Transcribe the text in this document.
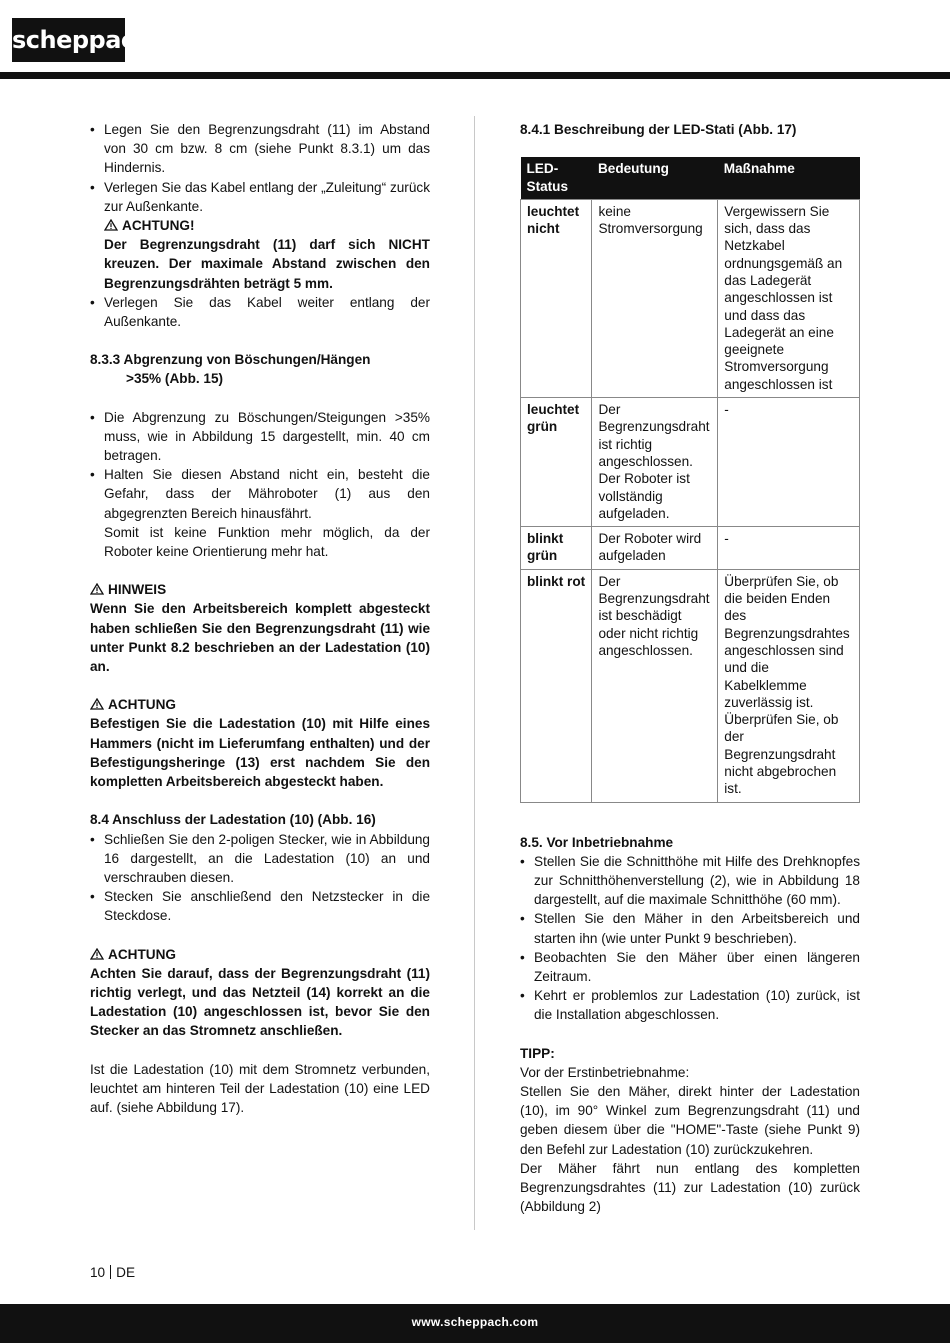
scheppach
• Legen Sie den Begrenzungsdraht (11) im Abstand von 30 cm bzw. 8 cm (siehe Punkt 8.3.1) um das Hindernis.
• Verlegen Sie das Kabel entlang der „Zuleitung“ zurück zur Außenkante.
ACHTUNG!

Der Begrenzungsdraht (11) darf sich NICHT kreuzen. Der maximale Abstand zwischen den Begrenzungsdrähten beträgt 5 mm.

• Verlegen Sie das Kabel weiter entlang der Außenkante.
8.3.3 Abgrenzung von Böschungen/Hängen
>35% (Abb. 15)
• Die Abgrenzung zu Böschungen/Steigungen >35% muss, wie in Abbildung 15 dargestellt, min. 40 cm betragen.
• Halten Sie diesen Abstand nicht ein, besteht die Gefahr, dass der Mähroboter (1) aus den abgegrenzten Bereich hinausfährt.

Somit ist keine Funktion mehr möglich, da der Roboter keine Orientierung mehr hat.

HINWEIS

Wenn Sie den Arbeitsbereich komplett abgesteckt haben schließen Sie den Begrenzungsdraht (11) wie unter Punkt 8.2 beschrieben an der Ladestation (10) an.

ACHTUNG

Befestigen Sie die Ladestation (10) mit Hilfe eines Hammers (nicht im Lieferumfang enthalten) und der Befestigungsheringe (13) erst nachdem Sie den kompletten Arbeitsbereich abgesteckt haben.

8.4 Anschluss der Ladestation (10) (Abb. 16)
• Schließen Sie den 2-poligen Stecker, wie in Abbildung 16 dargestellt, an die Ladestation (10) an und verschrauben diesen.
• Stecken Sie anschließend den Netzstecker in die Steckdose.
ACHTUNG

Achten Sie darauf, dass der Begrenzungsdraht (11) richtig verlegt, und das Netzteil (14) korrekt an die Ladestation (10) angeschlossen ist, bevor Sie den Stecker an das Stromnetz anschließen.

Ist die Ladestation (10) mit dem Stromnetz verbunden, leuchtet am hinteren Teil der Ladestation (10) eine LED auf. (siehe Abbildung 17).

8.4.1 Beschreibung der LED-Stati (Abb. 17)
LED-Status	Bedeutung	Maßnahme
leuchtet nicht	keine Stromversorgung	Vergewissern Sie sich, dass das Netzkabel ordnungsgemäß an das Ladegerät angeschlossen ist und dass das Ladegerät an eine geeignete Stromversorgung angeschlossen ist
leuchtet grün	Der Begrenzungsdraht ist richtig angeschlossen. Der Roboter ist vollständig aufgeladen.	-
blinkt grün	Der Roboter wird aufgeladen	-
blinkt rot	Der Begrenzungsdraht ist beschädigt oder nicht richtig angeschlossen.	Überprüfen Sie, ob die beiden Enden des Begrenzungsdrahtes angeschlossen sind und die Kabelklemme zuverlässig ist. Überprüfen Sie, ob der Begrenzungsdraht nicht abgebrochen ist.
8.5. Vor Inbetriebnahme
• Stellen Sie die Schnitthöhe mit Hilfe des Drehknopfes zur Schnitthöhenverstellung (2), wie in Abbildung 18 dargestellt, auf die maximale Schnitthöhe (60 mm).
• Stellen Sie den Mäher in den Arbeitsbereich und starten ihn (wie unter Punkt 9 beschrieben).
• Beobachten Sie den Mäher über einen längeren Zeitraum.
• Kehrt er problemlos zur Ladestation (10) zurück, ist die Installation abgeschlossen.
TIPP:

Vor der Erstinbetriebnahme:

Stellen Sie den Mäher, direkt hinter der Ladestation (10), im 90° Winkel zum Begrenzungsdraht (11) und geben diesem über die "HOME"-Taste (siehe Punkt 9) den Befehl zur Ladestation (10) zurückzukehren.

Der Mäher fährt nun entlang des kompletten Begrenzungsdrahtes (11) zur Ladestation (10) zurück (Abbildung 2)

10 DE
www.scheppach.com
